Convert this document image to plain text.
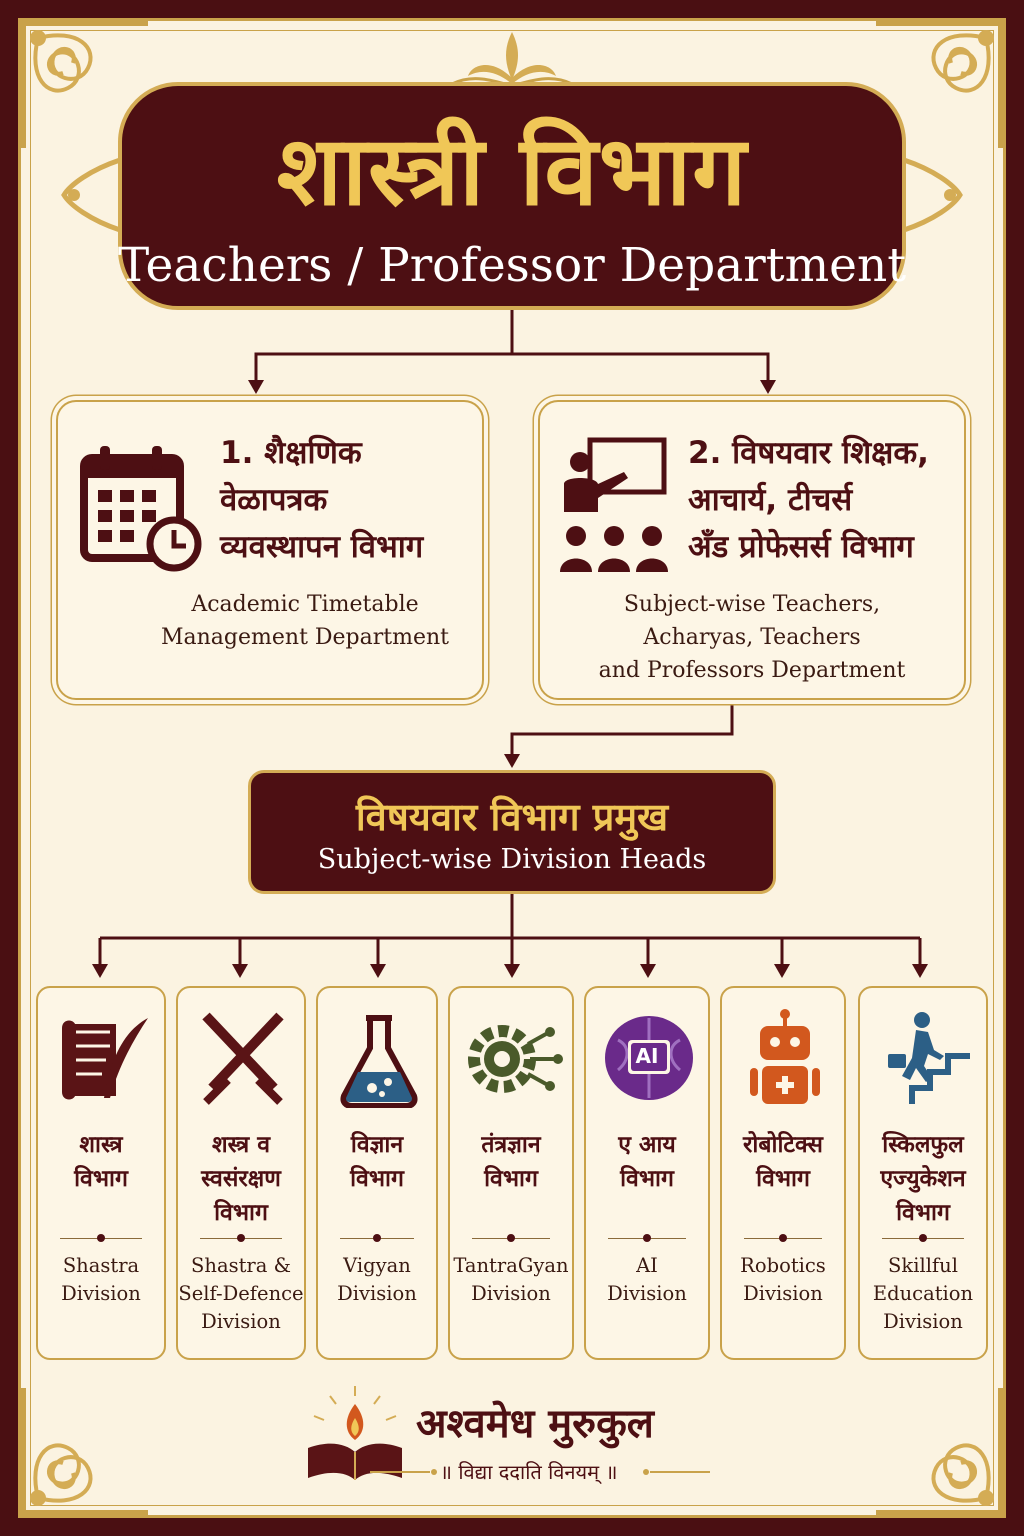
शास्त्री विभाग
Teachers / Professor Department
1. शैक्षणिक
वेळापत्रक
व्यवस्थापन विभाग
Academic Timetable
Management Department
2. विषयवार शिक्षक,
आचार्य, टीचर्स
अँड प्रोफेसर्स विभाग
Subject-wise Teachers,
Acharyas, Teachers
and Professors Department
विषयवार विभाग प्रमुख
Subject-wise Division Heads
शास्त्र
विभाग
Shastra
Division
शस्त्र व
स्वसंरक्षण
विभाग
Shastra &
Self-Defence
Division
विज्ञान
विभाग
Vigyan
Division
तंत्रज्ञान
विभाग
TantraGyan
Division
AI
ए आय
विभाग
AI
Division
रोबोटिक्स
विभाग
Robotics
Division
स्किलफुल
एज्युकेशन
विभाग
Skillful
Education
Division
अश्वमेध मुरुकुल
॥ विद्या ददाति विनयम् ॥
